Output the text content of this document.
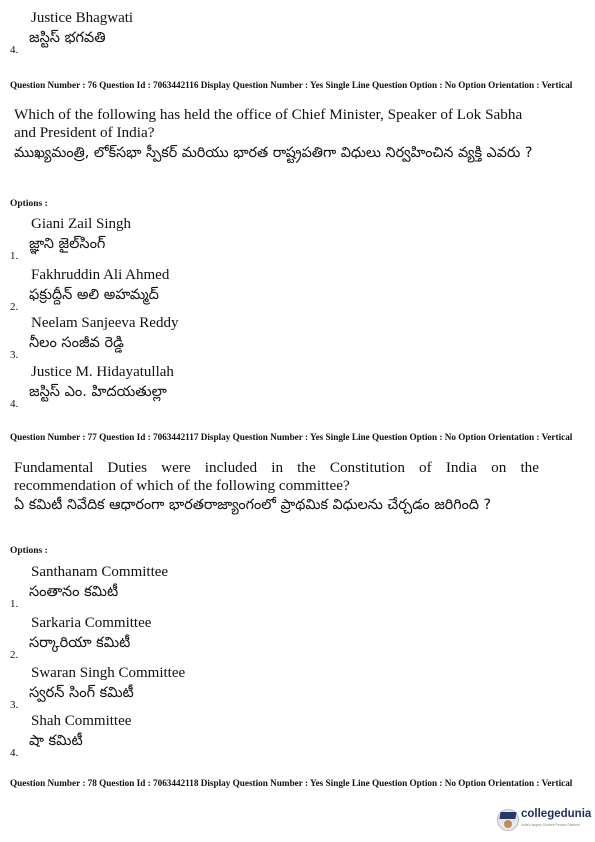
Justice Bhagwati
జస్టిస్ భగవతి
4.
Question Number : 76 Question Id : 7063442116 Display Question Number : Yes Single Line Question Option : No Option Orientation : Vertical
Which of the following has held the office of Chief Minister, Speaker of Lok Sabha and President of India?
ముఖ్యమంత్రి, లోక్‌సభా స్పీకర్ మరియు భారత రాష్ట్రపతిగా విధులు నిర్వహించిన వ్యక్తి ఎవరు ?
Options :
Giani Zail Singh
జ్ఞాని జైల్‌సింగ్
1.
Fakhruddin Ali Ahmed
ఫక్రుద్దీన్ అలి అహమ్మద్
2.
Neelam Sanjeeva Reddy
నీలం సంజీవ రెడ్డి
3.
Justice M. Hidayatullah
జస్టిస్ ఎం. హిదయతుల్లా
4.
Question Number : 77 Question Id : 7063442117 Display Question Number : Yes Single Line Question Option : No Option Orientation : Vertical
Fundamental Duties were included in the Constitution of India on the recommendation of which of the following committee?
ఏ కమిటీ నివేదిక ఆధారంగా భారతరాజ్యాంగంలో ప్రాథమిక విధులను చేర్చడం జరిగింది ?
Options :
Santhanam Committee
సంతానం కమిటీ
1.
Sarkaria Committee
సర్కారియా కమిటీ
2.
Swaran Singh Committee
స్వరన్ సింగ్ కమిటీ
3.
Shah Committee
షా కమిటీ
4.
Question Number : 78 Question Id : 7063442118 Display Question Number : Yes Single Line Question Option : No Option Orientation : Vertical
collegedunia
India's largest Student Review Platform
